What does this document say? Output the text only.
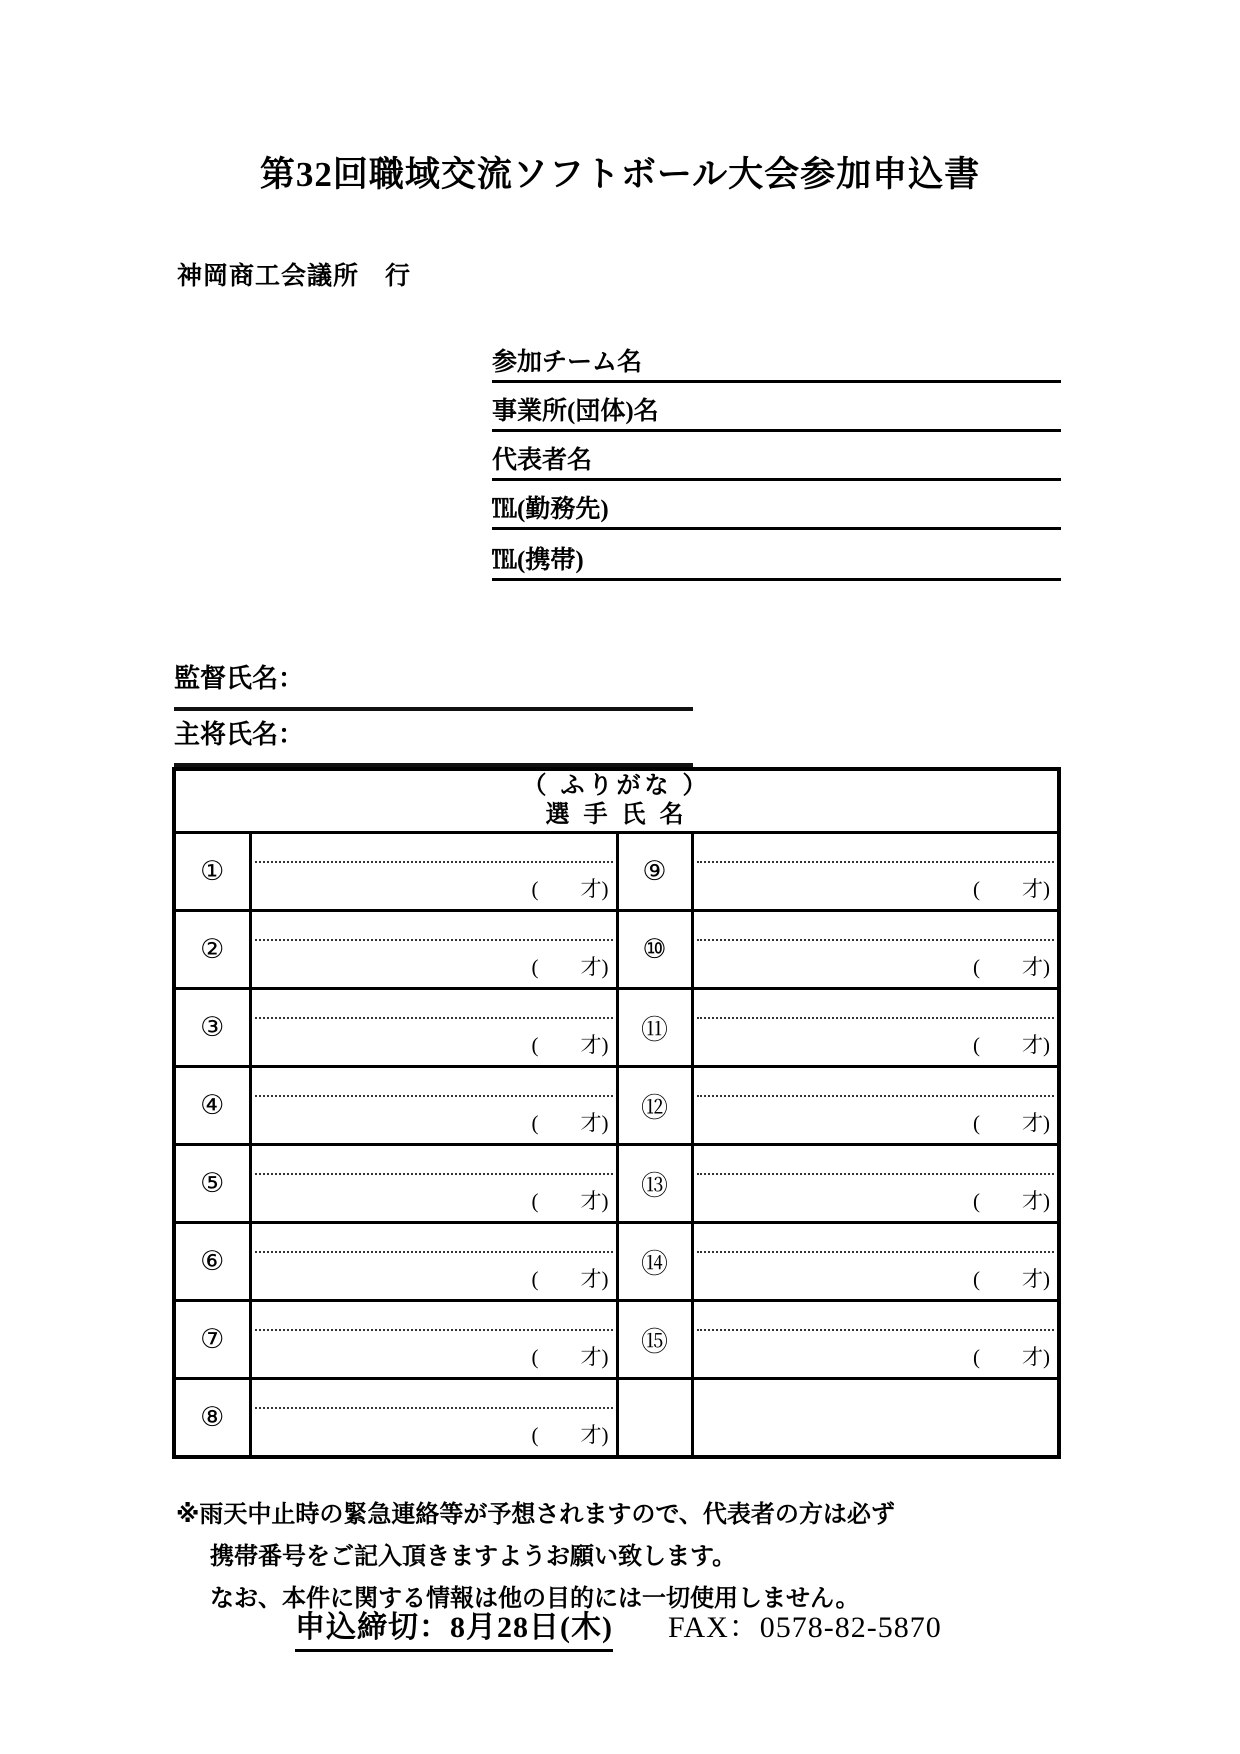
第32回職域交流ソフトボール大会参加申込書
神岡商工会議所　行
参加チーム名
事業所(団体)名
代表者名
℡(勤務先)
℡(携帯)
監督氏名：
主将氏名：
（ ふりがな ）
選 手 氏 名			

①	(　　才)	⑨	(　　才)

②	(　　才)	⑩	(　　才)

③	(　　才)	⑪	(　　才)

④	(　　才)	⑫	(　　才)

⑤	(　　才)	⑬	(　　才)

⑥	(　　才)	⑭	(　　才)

⑦	(　　才)	⑮	(　　才)

⑧	(　　才)		

※雨天中止時の緊急連絡等が予想されますので、代表者の方は必ず
携帯番号をご記入頂きますようお願い致します。
なお、本件に関する情報は他の目的には一切使用しません。
申込締切：8月28日(木) FAX：0578-82-5870
